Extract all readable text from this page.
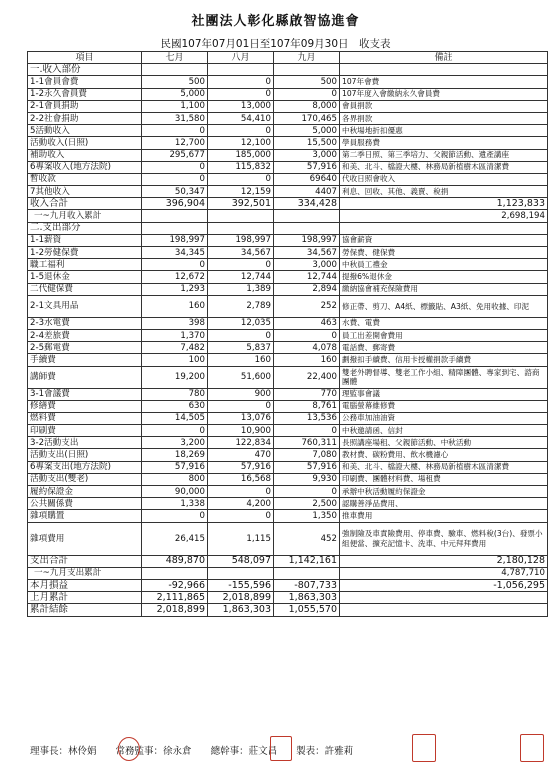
社團法人彰化縣啟智協進會
民國107年07月01日至107年09月30日　收支表
項目	七月	八月	九月	備註
一.收入部份				
1-1會員會費	500	0	500	107年會費
1-2永久會員費	5,000	0	0	107年度入會繳納永久會員費
2-1會員捐助	1,100	13,000	8,000	會員捐款
2-2社會捐助	31,580	54,410	170,465	各界捐款
5活動收入	0	0	5,000	中秋場地折扣優惠
活動收入(日照)	12,700	12,100	15,500	學員服務費
補助收入	295,677	185,000	3,000	第二季日照、第三季培力、父親節活動、遺產講座
6專案收入(地方法院)	0	115,832	57,916	和美、北斗、檔證大樓、林務局新植樹木區清潔費
暫收款	0	0	69640	代收日照會收入
7其他收入	50,347	12,159	4407	利息、回收、其他、義賣、稅捐
收入合計	396,904	392,501	334,428	1,123,833
一~九月收入累計				2,698,194
二.支出部分				
1-1薪資	198,997	198,997	198,997	協會薪資
1-2勞健保費	34,345	34,567	34,567	勞保費、健保費
職工福利	0	0	3,000	中秋員工禮金
1-5退休金	12,672	12,744	12,744	提撥6%退休金
二代健保費	1,293	1,389	2,894	繳納協會補充保險費用
2-1文具用品	160	2,789	252	修正帶、剪刀、A4紙、標籤貼、A3紙、免用收據、印泥
2-3水電費	398	12,035	463	水費、電費
2-4差旅費	1,370	0	0	員工出差開會費用
2-5郵電費	7,482	5,837	4,078	電話費、郵寄費
手續費	100	160	160	劃撥扣手續費、信用卡授權捐款手續費
講師費	19,200	51,600	22,400	雙老外聘督導、雙老工作小組、精障團體、專家到宅、諮商團體
3-1會議費	780	900	770	理監事會議
修繕費	630	0	8,761	電腦螢幕維修費
燃料費	14,505	13,076	13,536	公務車加油油資
印刷費	0	10,900	0	中秋邀請函、信封
3-2活動支出	3,200	122,834	760,311	長照講座場租、父親節活動、中秋活動
活動支出(日照)	18,269	470	7,080	教材費、碳粉費用、飲水機濾心
6專案支出(地方法院)	57,916	57,916	57,916	和美、北斗、檔證大樓、林務局新植樹木區清潔費
活動支出(雙老)	800	16,568	9,930	印刷費、團體材料費、場租費
履約保證金	90,000	0	0	承辦中秋活動履約保證金
公共關係費	1,338	4,200	2,500	認購善淨品費用、
雜項購置	0	0	1,350	推車費用
雜項費用	26,415	1,115	452	強制險及車責險費用、停車費、驗車、燃料稅(3台)、發票小組便當、擴充記憶卡、洗車、中元拜拜費用
支出合計	489,870	548,097	1,142,161	2,180,128
一~九月支出累計				4,787,710
本月損益	-92,966	-155,596	-807,733	-1,056,295
上月累計	2,111,865	2,018,899	1,863,303	
累計結餘	2,018,899	1,863,303	1,055,570	
理事長：林伶娟 常務監事：徐永倉 總幹事：莊文昌 製表：許雅莉
